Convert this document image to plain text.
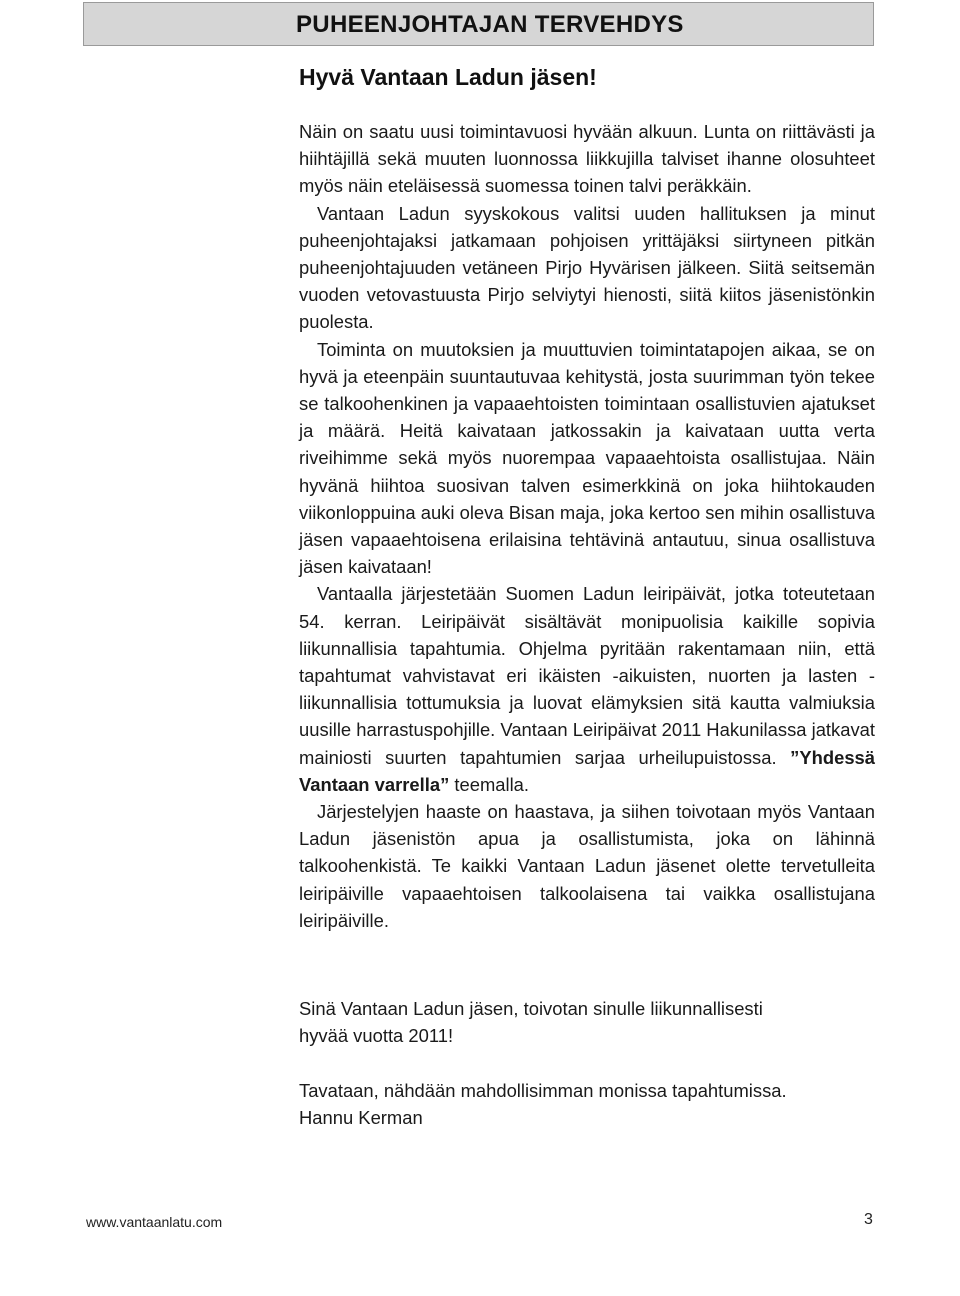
PUHEENJOHTAJAN TERVEHDYS
Hyvä Vantaan Ladun jäsen!

Näin on saatu uusi toimintavuosi hyvään alkuun. Lunta on riittävästi ja hiihtäjillä sekä muuten luonnossa liikkujilla talviset ihanne olosuhteet myös näin eteläisessä suomessa toinen talvi peräkkäin.

Vantaan Ladun syyskokous valitsi uuden hallituksen ja minut puheenjohtajaksi jatkamaan pohjoisen yrittäjäksi siirtyneen pitkän puheenjohtajuuden vetäneen Pirjo Hyvärisen jälkeen. Siitä seitsemän vuoden vetovastuusta Pirjo selviytyi hienosti, siitä kiitos jäsenistönkin puolesta.

Toiminta on muutoksien ja muuttuvien toimintatapojen aikaa, se on hyvä ja eteenpäin suuntautuvaa kehitystä, josta suurimman työn tekee se talkoohenkinen ja vapaaehtoisten toimintaan osallistuvien ajatukset ja määrä. Heitä kaivataan jatkossakin ja kaivataan uutta verta riveihimme sekä myös nuorempaa vapaaehtoista osallistujaa. Näin hyvänä hiihtoa suosivan talven esimerkkinä on joka hiihtokauden viikonloppuina auki oleva Bisan maja, joka kertoo sen mihin osallistuva jäsen vapaaehtoisena erilaisina tehtävinä antautuu, sinua osallistuva jäsen kaivataan!

Vantaalla järjestetään Suomen Ladun leiripäivät, jotka toteutetaan 54. kerran. Leiripäivät sisältävät monipuolisia kaikille sopivia liikunnallisia tapahtumia. Ohjelma pyritään rakentamaan niin, että tapahtumat vahvistavat eri ikäisten -aikuisten, nuorten ja lasten -liikunnallisia tottumuksia ja luovat elämyksien sitä kautta valmiuksia uusille harrastuspohjille. Vantaan Leiripäivat 2011 Hakunilassa jatkavat mainiosti suurten tapahtumien sarjaa urheilupuistossa. ”Yhdessä Vantaan varrella” teemalla.

Järjestelyjen haaste on haastava, ja siihen toivotaan myös Vantaan Ladun jäsenistön apua ja osallistumista, joka on lähinnä talkoohenkistä. Te kaikki Vantaan Ladun jäsenet olette tervetulleita leiripäiville vapaaehtoisen talkoolaisena tai vaikka osallistujana leiripäiville.

Sinä Vantaan Ladun jäsen, toivotan sinulle liikunnallisesti

hyvää vuotta 2011!

Tavataan, nähdään mahdollisimman monissa tapahtumissa.

Hannu Kerman

www.vantaanlatu.com	3
